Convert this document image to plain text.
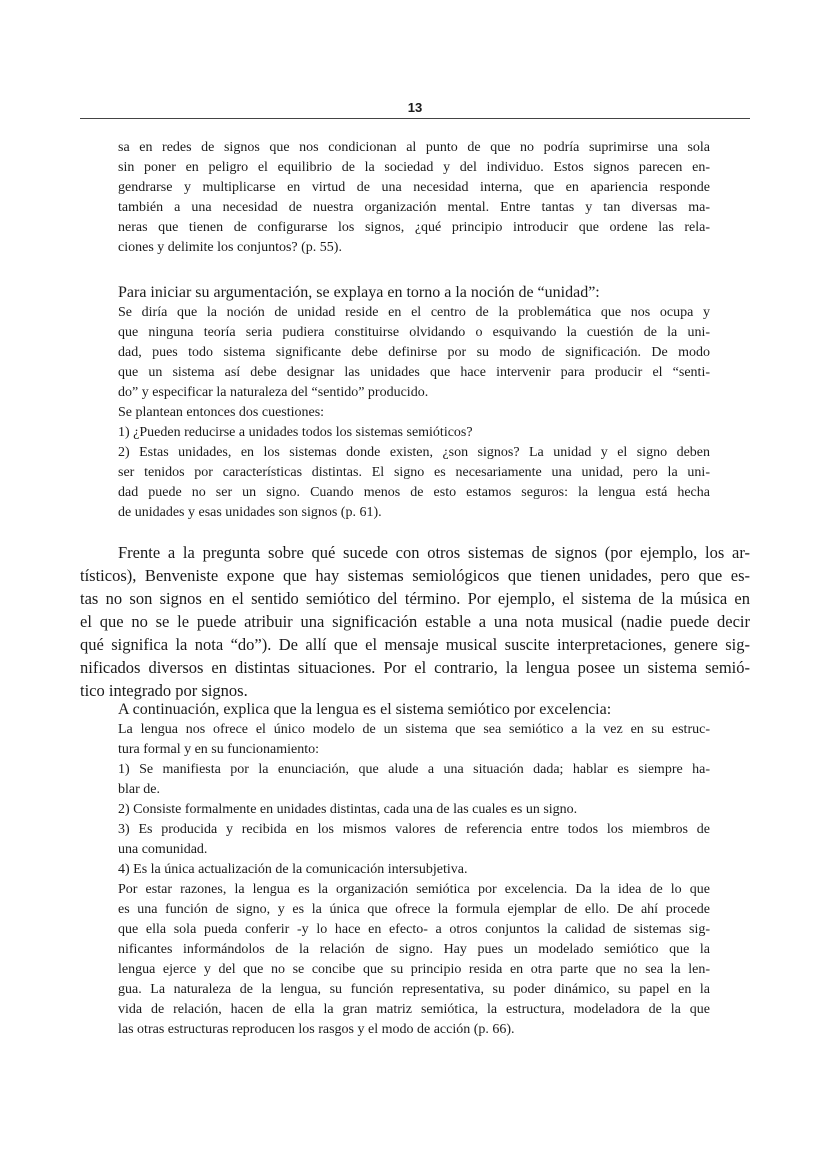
13
sa en redes de signos que nos condicionan al punto de que no podría suprimirse una sola
sin poner en peligro el equilibrio de la sociedad y del individuo. Estos signos parecen en-
gendrarse y multiplicarse en virtud de una necesidad interna, que en apariencia responde
también a una necesidad de nuestra organización mental. Entre tantas y tan diversas ma-
neras que tienen de configurarse los signos, ¿qué principio introducir que ordene las rela-
ciones y delimite los conjuntos? (p. 55).
Para iniciar su argumentación, se explaya en torno a la noción de “unidad”:
Se diría que la noción de unidad reside en el centro de la problemática que nos ocupa y
que ninguna teoría seria pudiera constituirse olvidando o esquivando la cuestión de la uni-
dad, pues todo sistema significante debe definirse por su modo de significación. De modo
que un sistema así debe designar las unidades que hace intervenir para producir el “senti-
do” y especificar la naturaleza del “sentido” producido.
Se plantean entonces dos cuestiones:
1) ¿Pueden reducirse a unidades todos los sistemas semióticos?
2) Estas unidades, en los sistemas donde existen, ¿son signos? La unidad y el signo deben
ser tenidos por características distintas. El signo es necesariamente una unidad, pero la uni-
dad puede no ser un signo. Cuando menos de esto estamos seguros: la lengua está hecha
de unidades y esas unidades son signos (p. 61).
Frente a la pregunta sobre qué sucede con otros sistemas de signos (por ejemplo, los ar-
tísticos), Benveniste expone que hay sistemas semiológicos que tienen unidades, pero que es-
tas no son signos en el sentido semiótico del término. Por ejemplo, el sistema de la música en
el que no se le puede atribuir una significación estable a una nota musical (nadie puede decir
qué significa la nota “do”). De allí que el mensaje musical suscite interpretaciones, genere sig-
nificados diversos en distintas situaciones. Por el contrario, la lengua posee un sistema semió-
tico integrado por signos.
A continuación, explica que la lengua es el sistema semiótico por excelencia:
La lengua nos ofrece el único modelo de un sistema que sea semiótico a la vez en su estruc-
tura formal y en su funcionamiento:
1) Se manifiesta por la enunciación, que alude a una situación dada; hablar es siempre ha-
blar de.
2) Consiste formalmente en unidades distintas, cada una de las cuales es un signo.
3) Es producida y recibida en los mismos valores de referencia entre todos los miembros de
una comunidad.
4) Es la única actualización de la comunicación intersubjetiva.
Por estar razones, la lengua es la organización semiótica por excelencia. Da la idea de lo que
es una función de signo, y es la única que ofrece la formula ejemplar de ello. De ahí procede
que ella sola pueda conferir -y lo hace en efecto- a otros conjuntos la calidad de sistemas sig-
nificantes informándolos de la relación de signo. Hay pues un modelado semiótico que la
lengua ejerce y del que no se concibe que su principio resida en otra parte que no sea la len-
gua. La naturaleza de la lengua, su función representativa, su poder dinámico, su papel en la
vida de relación, hacen de ella la gran matriz semiótica, la estructura, modeladora de la que
las otras estructuras reproducen los rasgos y el modo de acción (p. 66).
